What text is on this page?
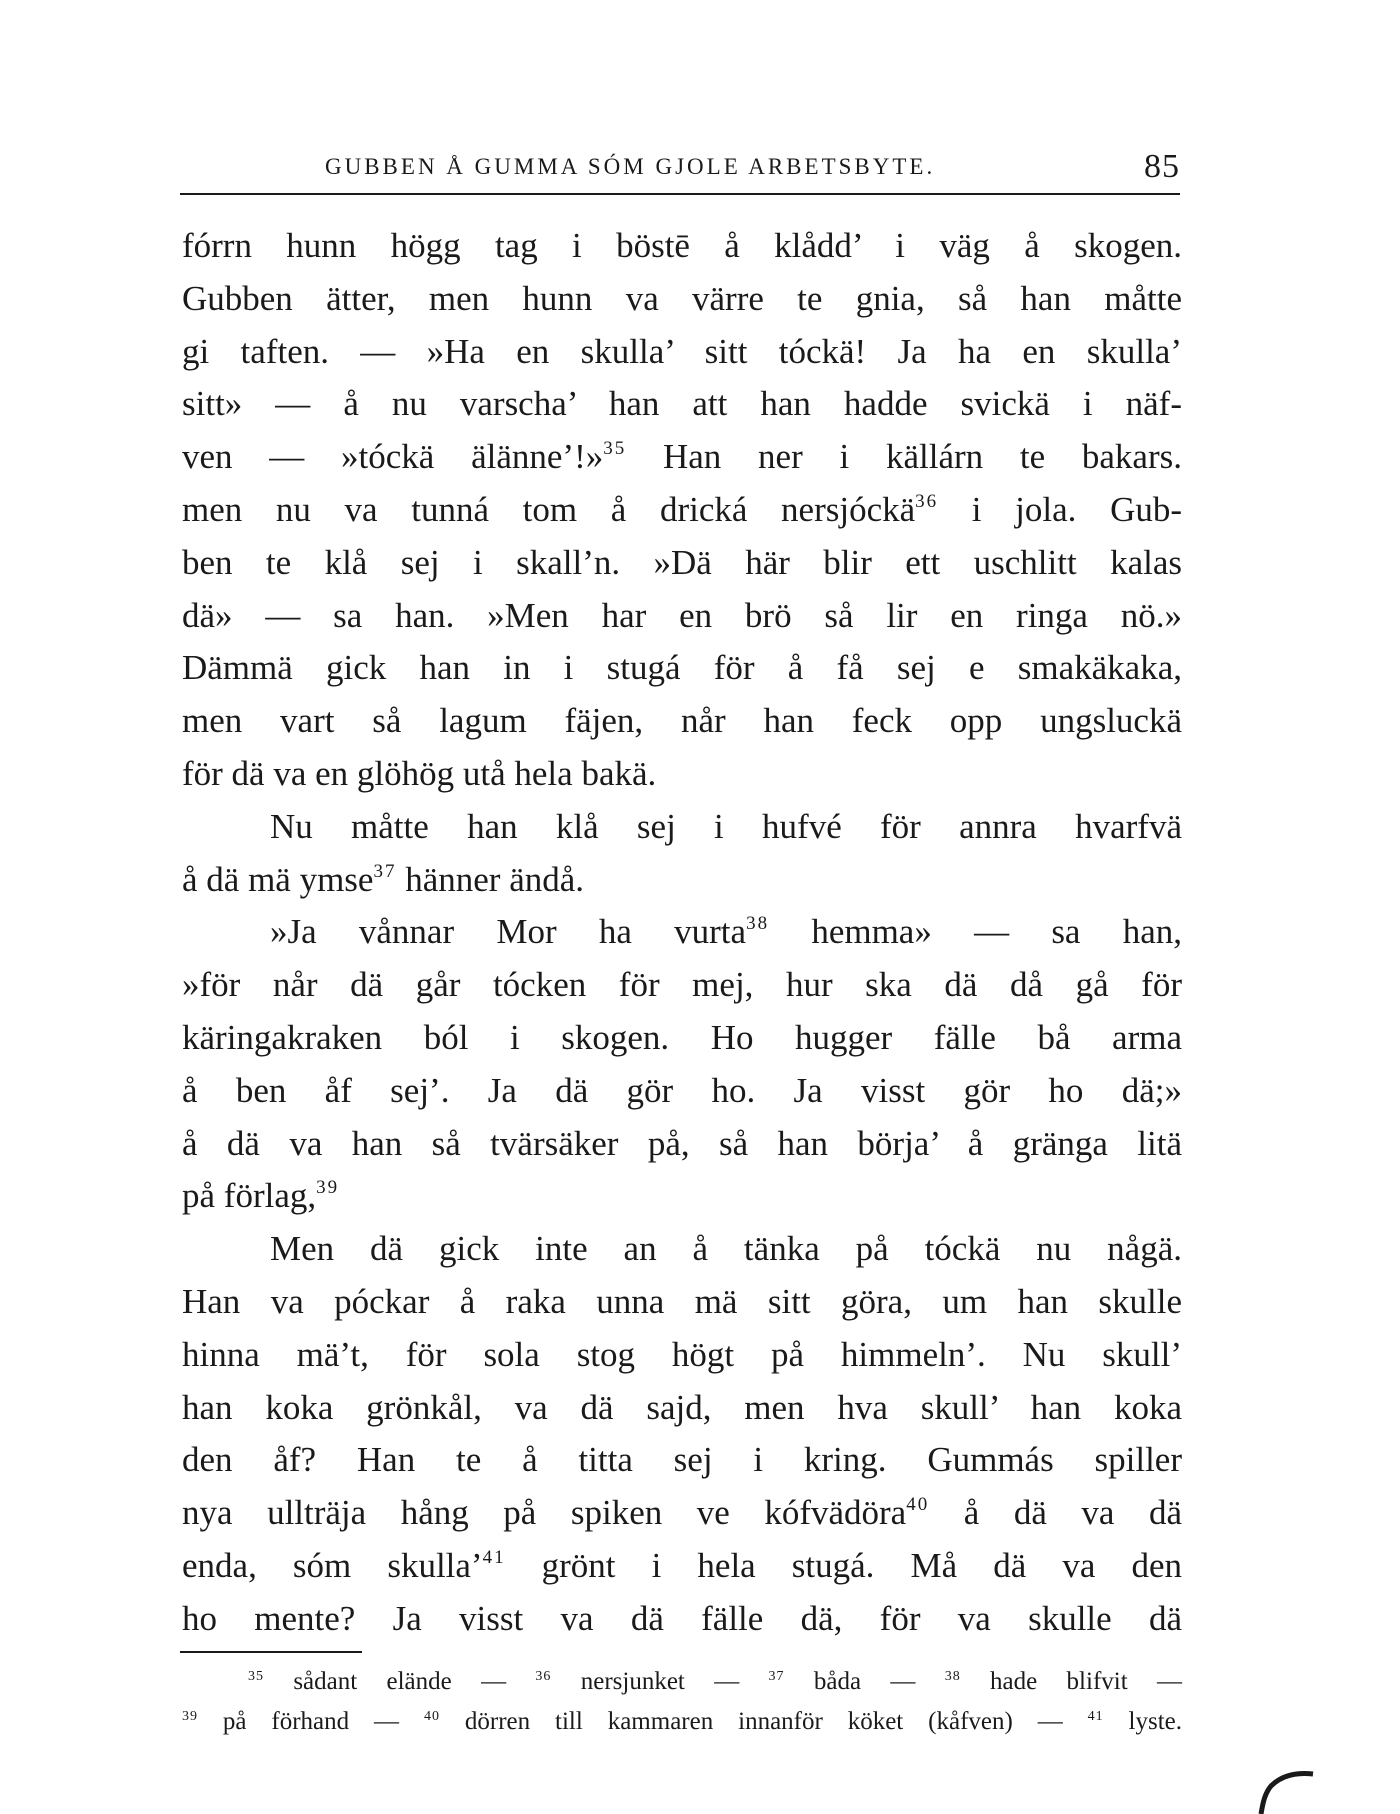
GUBBEN Å GUMMA SÓM GJOLE ARBETSBYTE.	85
fórrn hunn högg tag i böstē å klådd’ i väg å skogen.
Gubben ätter, men hunn va värre te gnia, så han måtte
gi taften. — »Ha en skulla’ sitt tóckä! Ja ha en skulla’
sitt» — å nu varscha’ han att han hadde svickä i näf-
ven — »tóckä älänne’!»$^{35}$ Han ner i källárn te bakars.
men nu va tunná tom å drická nersjóckä$^{36}$ i jola. Gub-
ben te klå sej i skall’n. »Dä här blir ett uschlitt kalas
dä» — sa han. »Men har en brö så lir en ringa nö.»
Dämmä gick han in i stugá för å få sej e smakäkaka,
men vart så lagum fäjen, når han feck opp ungsluckä
för dä va en glöhög utå hela bakä.
Nu måtte han klå sej i hufvé för annra hvarfvä
å dä mä ymse$^{37}$ hänner ändå.
»Ja vånnar Mor ha vurta$^{38}$ hemma» — sa han,
»för når dä går tócken för mej, hur ska dä då gå för
käringakraken ból i skogen. Ho hugger fälle bå arma
å ben åf sej’. Ja dä gör ho. Ja visst gör ho dä;»
å dä va han så tvärsäker på, så han börja’ å gränga litä
på förlag,$^{39}$
Men dä gick inte an å tänka på tóckä nu någä.
Han va póckar å raka unna mä sitt göra, um han skulle
hinna mä’t, för sola stog högt på himmeln’. Nu skull’
han koka grönkål, va dä sajd, men hva skull’ han koka
den åf? Han te å titta sej i kring. Gummás spiller
nya ullträja hång på spiken ve kófvädöra$^{40}$ å dä va dä
enda, sóm skulla’$^{41}$ grönt i hela stugá. Må dä va den
ho mente? Ja visst va dä fälle dä, för va skulle dä
$^{35}$ sådant elände — $^{36}$ nersjunket — $^{37}$ båda — $^{38}$ hade blifvit —
$^{39}$ på förhand — $^{40}$ dörren till kammaren innanför köket (kåfven) — $^{41}$ lyste.
